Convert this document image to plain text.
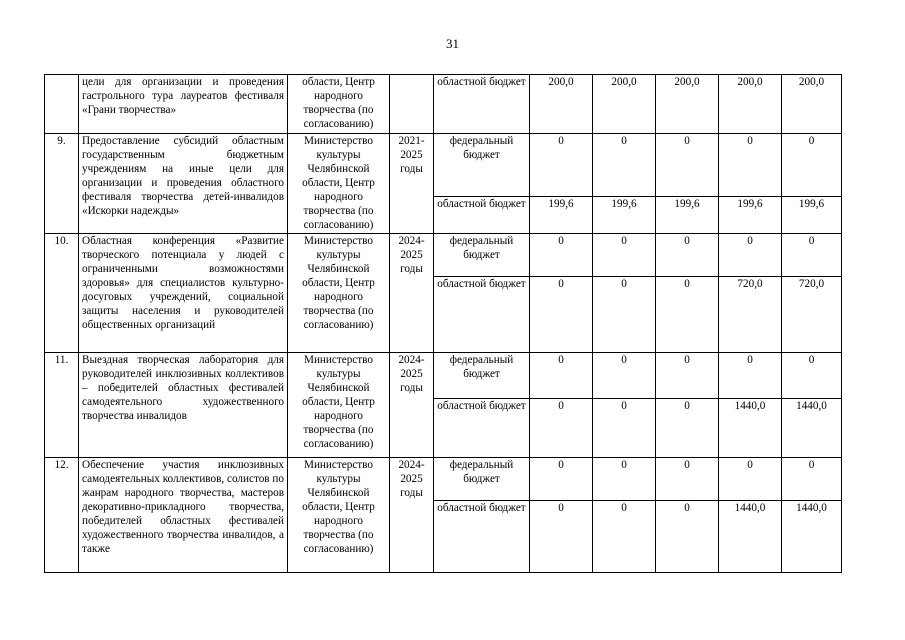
31
	цели для организации и проведения гастрольного тура лауреатов фестиваля «Грани творчества»	области, Центр народного творчества (по согласованию)		областной бюджет	200,0	200,0	200,0	200,0	200,0
9.	Предоставление субсидий областным государственным бюджетным учреждениям на иные цели для организации и проведения областного фестиваля творчества детей-инвалидов «Искорки надежды»	Министерство культуры Челябинской области, Центр народного творчества (по согласованию)	2021-2025 годы	федеральный бюджет	0	0	0	0	0
				областной бюджет	199,6	199,6	199,6	199,6	199,6
10.	Областная конференция «Развитие творческого потенциала у людей с ограниченными возможностями здоровья» для специалистов культурно-досуговых учреждений, социальной защиты населения и руководителей общественных организаций	Министерство культуры Челябинской области, Центр народного творчества (по согласованию)	2024-2025 годы	федеральный бюджет	0	0	0	0	0
				областной бюджет	0	0	0	720,0	720,0
11.	Выездная творческая лаборатория для руководителей инклюзивных коллективов – победителей областных фестивалей самодеятельного художественного творчества инвалидов	Министерство культуры Челябинской области, Центр народного творчества (по согласованию)	2024-2025 годы	федеральный бюджет	0	0	0	0	0
				областной бюджет	0	0	0	1440,0	1440,0
12.	Обеспечение участия инклюзивных самодеятельных коллективов, солистов по жанрам народного творчества, мастеров декоративно-прикладного творчества, победителей областных фестивалей художественного творчества инвалидов, а также	Министерство культуры Челябинской области, Центр народного творчества (по согласованию)	2024-2025 годы	федеральный бюджет	0	0	0	0	0
				областной бюджет	0	0	0	1440,0	1440,0
